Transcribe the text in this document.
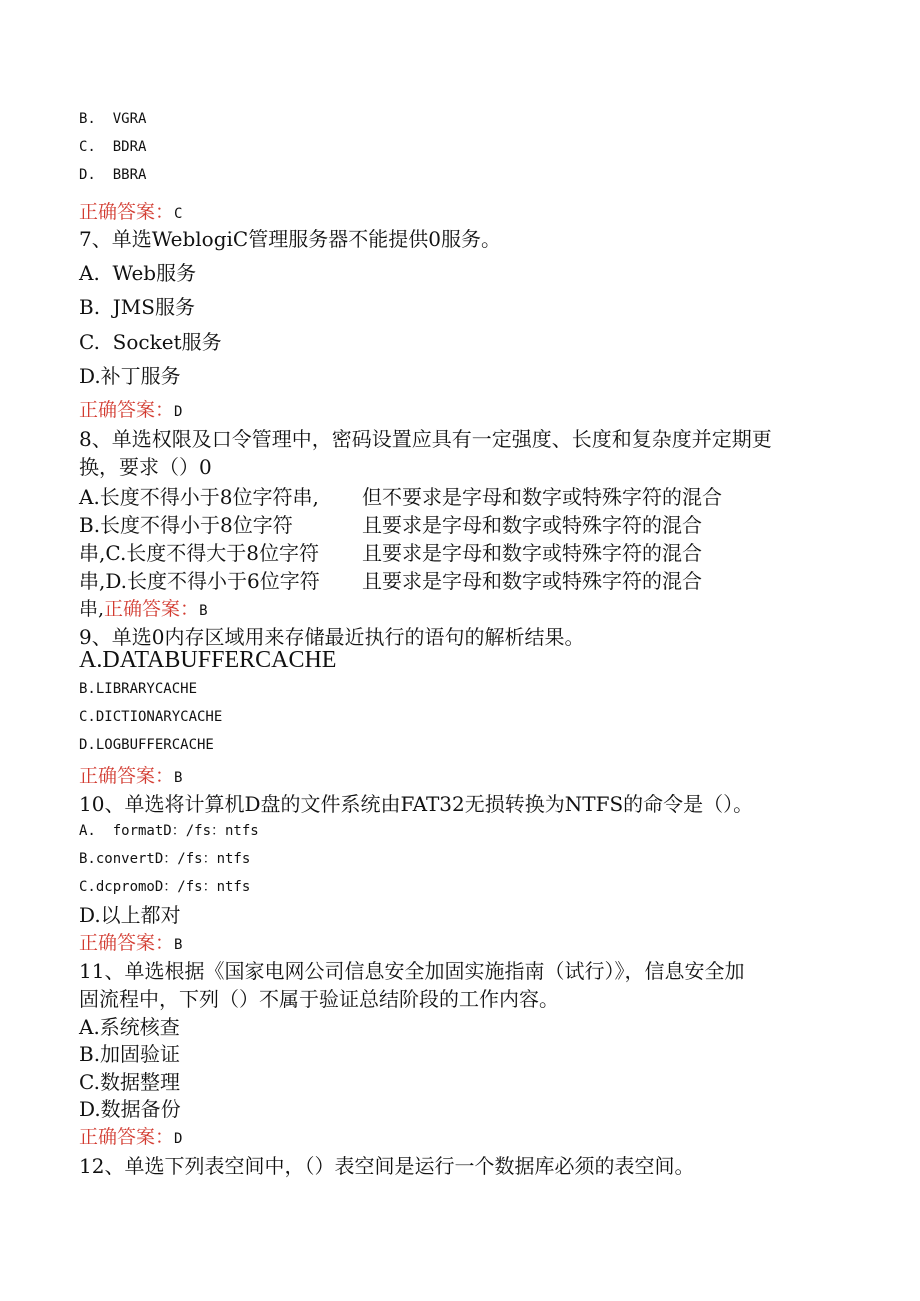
B.  VGRA
C.  BDRA
D.  BBRA
正确答案：C
7、单选WeblogiC管理服务器不能提供0服务。
A.  Web服务
B.  JMS服务
C.  Socket服务
D.补丁服务
正确答案：D
8、单选权限及口令管理中，密码设置应具有一定强度、长度和复杂度并定期更
换，要求（）0
A.长度不得小于8位字符串, 但不要求是字母和数字或特殊字符的混合
B.长度不得小于8位字符	且要求是字母和数字或特殊字符的混合
串,C.长度不得大于8位字符 且要求是字母和数字或特殊字符的混合
串,D.长度不得小于6位字符 且要求是字母和数字或特殊字符的混合
串,正确答案：B
9、单选0内存区域用来存储最近执行的语句的解析结果。
A.DATABUFFERCACHE
B.LIBRARYCACHE
C.DICTIONARYCACHE
D.LOGBUFFERCACHE
正确答案：B
10、单选将计算机D盘的文件系统由FAT32无损转换为NTFS的命令是（）。
A.  formatD：/fs：ntfs
B.convertD：/fs：ntfs
C.dcpromoD：/fs：ntfs
D.以上都对
正确答案：B
11、单选根据《国家电网公司信息安全加固实施指南（试行）》，信息安全加
固流程中，下列（）不属于验证总结阶段的工作内容。
A.系统核查
B.加固验证
C.数据整理
D.数据备份
正确答案：D
12、单选下列表空间中，（）表空间是运行一个数据库必须的表空间。
